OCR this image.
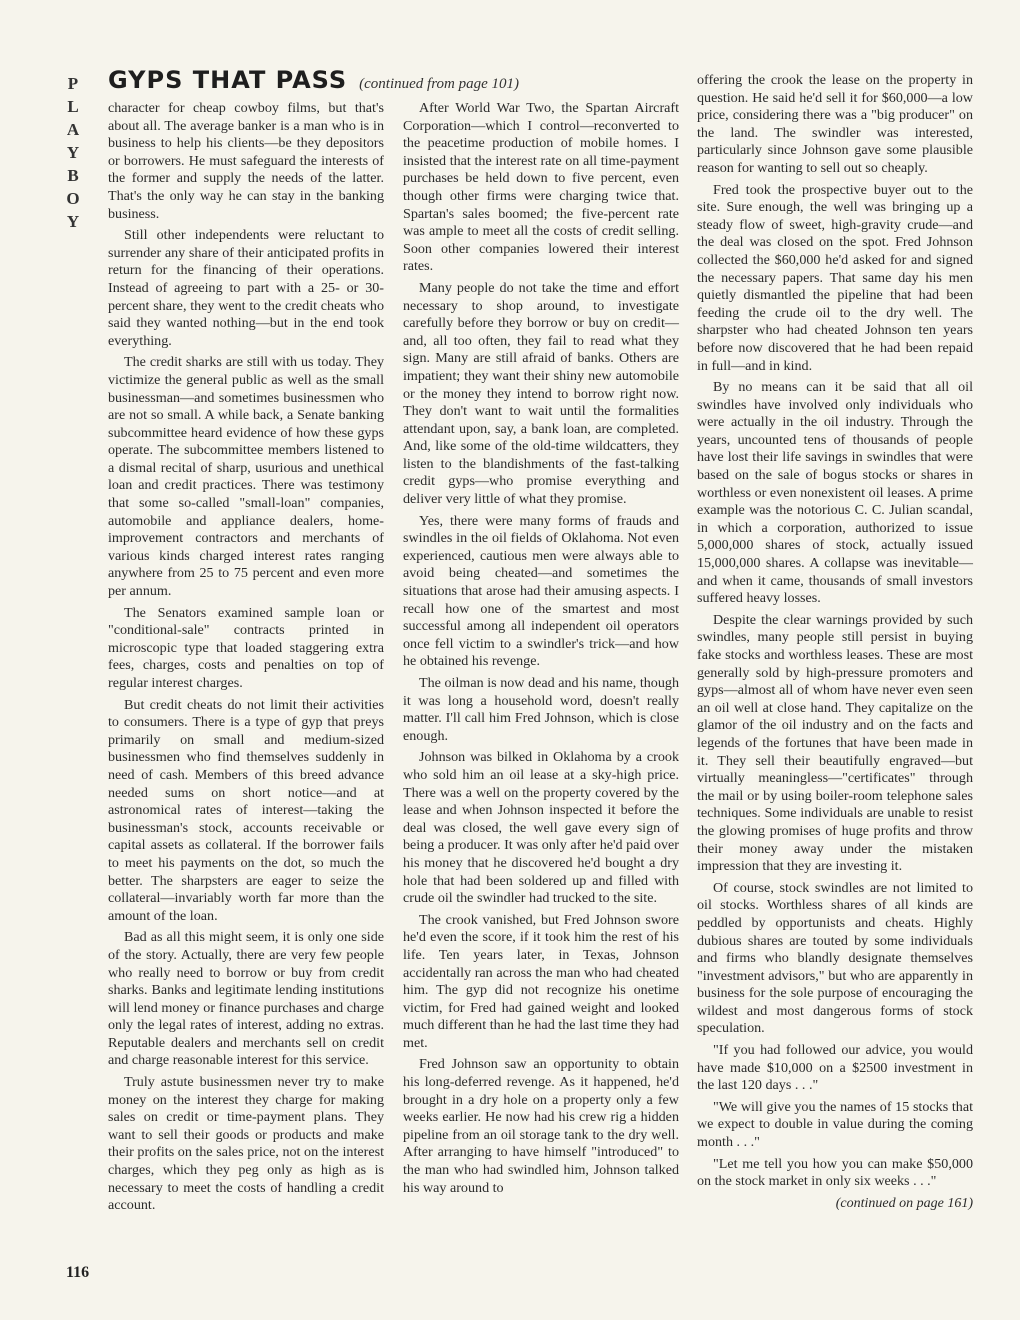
P
L
A
Y
B
O
Y
GYPS THAT PASS (continued from page 101)

character for cheap cowboy films, but that's about all. The average banker is a man who is in business to help his clients—be they depositors or borrowers. He must safeguard the interests of the former and supply the needs of the latter. That's the only way he can stay in the banking business.

Still other independents were reluctant to surrender any share of their anticipated profits in return for the financing of their operations. Instead of agreeing to part with a 25- or 30-percent share, they went to the credit cheats who said they wanted nothing—but in the end took everything.

The credit sharks are still with us today. They victimize the general public as well as the small businessman—and sometimes businessmen who are not so small. A while back, a Senate banking subcommittee heard evidence of how these gyps operate. The subcommittee members listened to a dismal recital of sharp, usurious and unethical loan and credit practices. There was testimony that some so-called "small-loan" companies, automobile and appliance dealers, home-improvement contractors and merchants of various kinds charged interest rates ranging anywhere from 25 to 75 percent and even more per annum.

The Senators examined sample loan or "conditional-sale" contracts printed in microscopic type that loaded staggering extra fees, charges, costs and penalties on top of regular interest charges.

But credit cheats do not limit their activities to consumers. There is a type of gyp that preys primarily on small and medium-sized businessmen who find themselves suddenly in need of cash. Members of this breed advance needed sums on short notice—and at astronomical rates of interest—taking the businessman's stock, accounts receivable or capital assets as collateral. If the borrower fails to meet his payments on the dot, so much the better. The sharpsters are eager to seize the collateral—invariably worth far more than the amount of the loan.

Bad as all this might seem, it is only one side of the story. Actually, there are very few people who really need to borrow or buy from credit sharks. Banks and legitimate lending institutions will lend money or finance purchases and charge only the legal rates of interest, adding no extras. Reputable dealers and merchants sell on credit and charge reasonable interest for this service.

Truly astute businessmen never try to make money on the interest they charge for making sales on credit or time-payment plans. They want to sell their goods or products and make their profits on the sales price, not on the interest charges, which they peg only as high as is necessary to meet the costs of handling a credit account.

After World War Two, the Spartan Aircraft Corporation—which I control—reconverted to the peacetime production of mobile homes. I insisted that the interest rate on all time-payment purchases be held down to five percent, even though other firms were charging twice that. Spartan's sales boomed; the five-percent rate was ample to meet all the costs of credit selling. Soon other companies lowered their interest rates.

Many people do not take the time and effort necessary to shop around, to investigate carefully before they borrow or buy on credit—and, all too often, they fail to read what they sign. Many are still afraid of banks. Others are impatient; they want their shiny new automobile or the money they intend to borrow right now. They don't want to wait until the formalities attendant upon, say, a bank loan, are completed. And, like some of the old-time wildcatters, they listen to the blandishments of the fast-talking credit gyps—who promise everything and deliver very little of what they promise.

Yes, there were many forms of frauds and swindles in the oil fields of Oklahoma. Not even experienced, cautious men were always able to avoid being cheated—and sometimes the situations that arose had their amusing aspects. I recall how one of the smartest and most successful among all independent oil operators once fell victim to a swindler's trick—and how he obtained his revenge.

The oilman is now dead and his name, though it was long a household word, doesn't really matter. I'll call him Fred Johnson, which is close enough.

Johnson was bilked in Oklahoma by a crook who sold him an oil lease at a sky-high price. There was a well on the property covered by the lease and when Johnson inspected it before the deal was closed, the well gave every sign of being a producer. It was only after he'd paid over his money that he discovered he'd bought a dry hole that had been soldered up and filled with crude oil the swindler had trucked to the site.

The crook vanished, but Fred Johnson swore he'd even the score, if it took him the rest of his life. Ten years later, in Texas, Johnson accidentally ran across the man who had cheated him. The gyp did not recognize his onetime victim, for Fred had gained weight and looked much different than he had the last time they had met.

Fred Johnson saw an opportunity to obtain his long-deferred revenge. As it happened, he'd brought in a dry hole on a property only a few weeks earlier. He now had his crew rig a hidden pipeline from an oil storage tank to the dry well. After arranging to have himself "introduced" to the man who had swindled him, Johnson talked his way around to

offering the crook the lease on the property in question. He said he'd sell it for $60,000—a low price, considering there was a "big producer" on the land. The swindler was interested, particularly since Johnson gave some plausible reason for wanting to sell out so cheaply.

Fred took the prospective buyer out to the site. Sure enough, the well was bringing up a steady flow of sweet, high-gravity crude—and the deal was closed on the spot. Fred Johnson collected the $60,000 he'd asked for and signed the necessary papers. That same day his men quietly dismantled the pipeline that had been feeding the crude oil to the dry well. The sharpster who had cheated Johnson ten years before now discovered that he had been repaid in full—and in kind.

By no means can it be said that all oil swindles have involved only individuals who were actually in the oil industry. Through the years, uncounted tens of thousands of people have lost their life savings in swindles that were based on the sale of bogus stocks or shares in worthless or even nonexistent oil leases. A prime example was the notorious C. C. Julian scandal, in which a corporation, authorized to issue 5,000,000 shares of stock, actually issued 15,000,000 shares. A collapse was inevitable—and when it came, thousands of small investors suffered heavy losses.

Despite the clear warnings provided by such swindles, many people still persist in buying fake stocks and worthless leases. These are most generally sold by high-pressure promoters and gyps—almost all of whom have never even seen an oil well at close hand. They capitalize on the glamor of the oil industry and on the facts and legends of the fortunes that have been made in it. They sell their beautifully engraved—but virtually meaningless—"certificates" through the mail or by using boiler-room telephone sales techniques. Some individuals are unable to resist the glowing promises of huge profits and throw their money away under the mistaken impression that they are investing it.

Of course, stock swindles are not limited to oil stocks. Worthless shares of all kinds are peddled by opportunists and cheats. Highly dubious shares are touted by some individuals and firms who blandly designate themselves "investment advisors," but who are apparently in business for the sole purpose of encouraging the wildest and most dangerous forms of stock speculation.

"If you had followed our advice, you would have made $10,000 on a $2500 investment in the last 120 days . . ."

"We will give you the names of 15 stocks that we expect to double in value during the coming month . . ."

"Let me tell you how you can make $50,000 on the stock market in only six weeks . . ."

(continued on page 161)

116
